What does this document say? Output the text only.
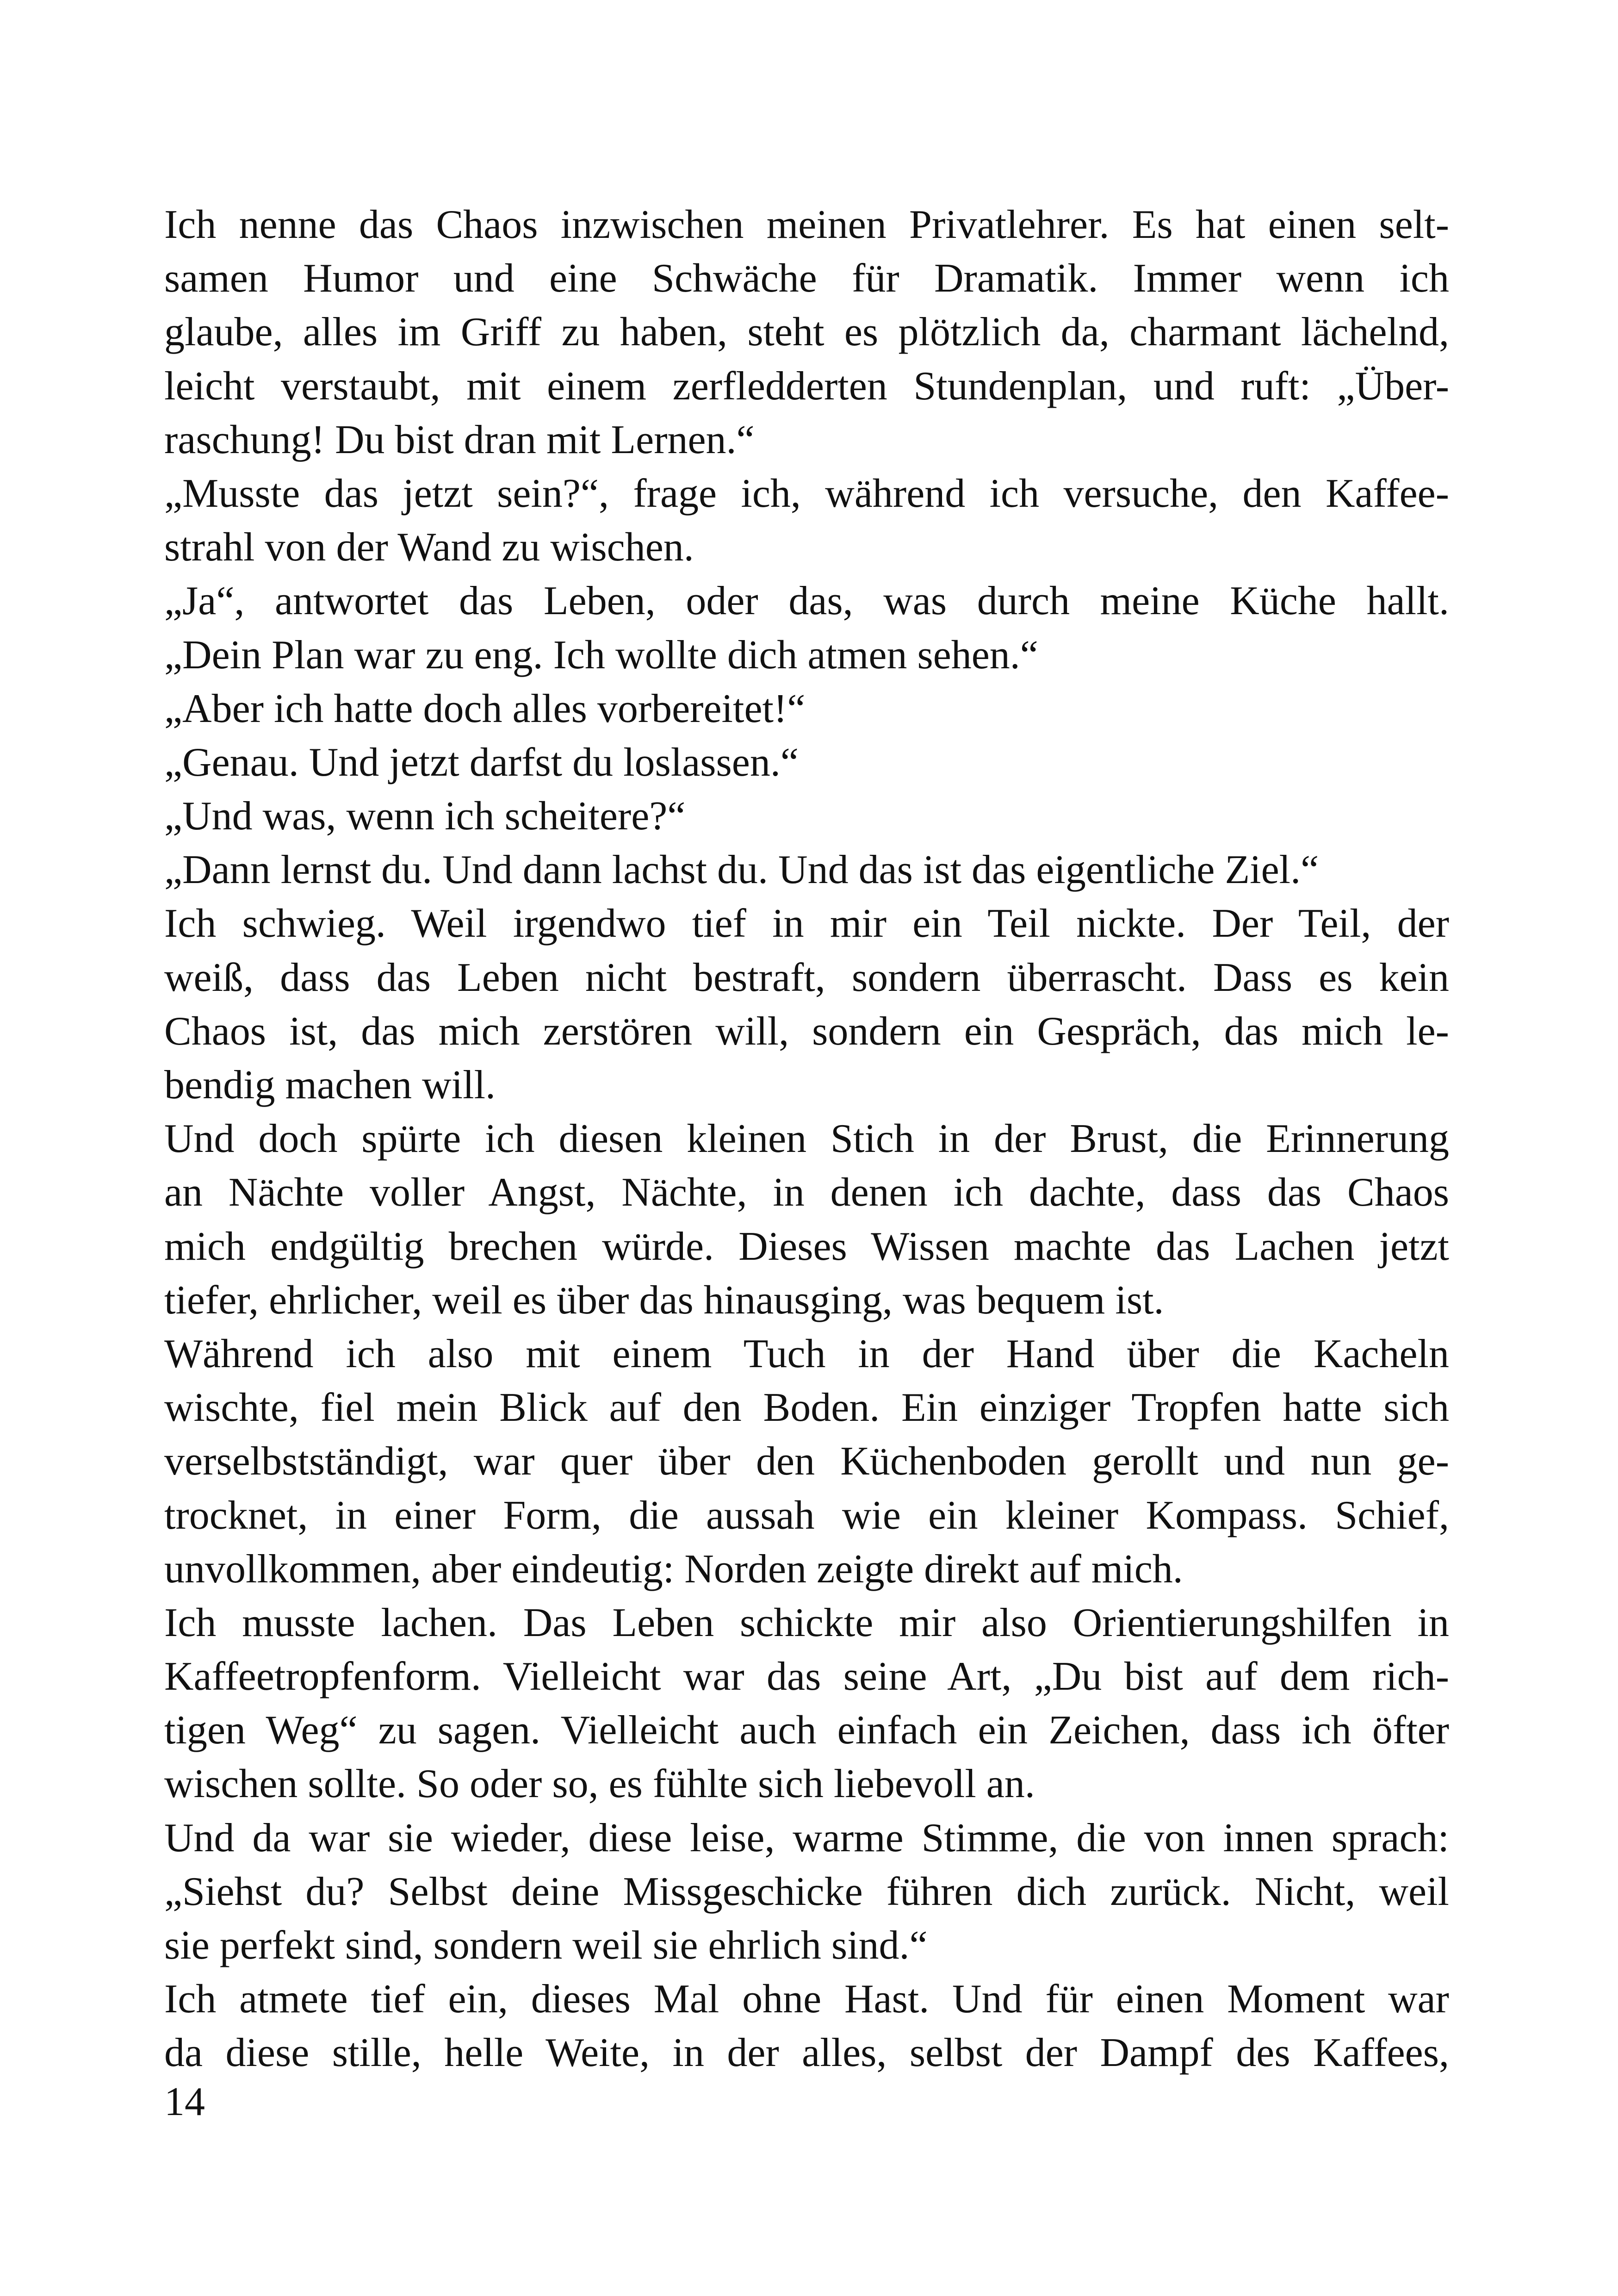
Ich nenne das Chaos inzwischen meinen Privatlehrer. Es hat einen selt-
samen Humor und eine Schwäche für Dramatik. Immer wenn ich
glaube, alles im Griff zu haben, steht es plötzlich da, charmant lächelnd,
leicht verstaubt, mit einem zerfledderten Stundenplan, und ruft: „Über-
raschung! Du bist dran mit Lernen.“
„Musste das jetzt sein?“, frage ich, während ich versuche, den Kaffee-
strahl von der Wand zu wischen.
„Ja“, antwortet das Leben, oder das, was durch meine Küche hallt.
„Dein Plan war zu eng. Ich wollte dich atmen sehen.“
„Aber ich hatte doch alles vorbereitet!“
„Genau. Und jetzt darfst du loslassen.“
„Und was, wenn ich scheitere?“
„Dann lernst du. Und dann lachst du. Und das ist das eigentliche Ziel.“
Ich schwieg. Weil irgendwo tief in mir ein Teil nickte. Der Teil, der
weiß, dass das Leben nicht bestraft, sondern überrascht. Dass es kein
Chaos ist, das mich zerstören will, sondern ein Gespräch, das mich le-
bendig machen will.
Und doch spürte ich diesen kleinen Stich in der Brust, die Erinnerung
an Nächte voller Angst, Nächte, in denen ich dachte, dass das Chaos
mich endgültig brechen würde. Dieses Wissen machte das Lachen jetzt
tiefer, ehrlicher, weil es über das hinausging, was bequem ist.
Während ich also mit einem Tuch in der Hand über die Kacheln
wischte, fiel mein Blick auf den Boden. Ein einziger Tropfen hatte sich
verselbstständigt, war quer über den Küchenboden gerollt und nun ge-
trocknet, in einer Form, die aussah wie ein kleiner Kompass. Schief,
unvollkommen, aber eindeutig: Norden zeigte direkt auf mich.
Ich musste lachen. Das Leben schickte mir also Orientierungshilfen in
Kaffeetropfenform. Vielleicht war das seine Art, „Du bist auf dem rich-
tigen Weg“ zu sagen. Vielleicht auch einfach ein Zeichen, dass ich öfter
wischen sollte. So oder so, es fühlte sich liebevoll an.
Und da war sie wieder, diese leise, warme Stimme, die von innen sprach:
„Siehst du? Selbst deine Missgeschicke führen dich zurück. Nicht, weil
sie perfekt sind, sondern weil sie ehrlich sind.“
Ich atmete tief ein, dieses Mal ohne Hast. Und für einen Moment war
da diese stille, helle Weite, in der alles, selbst der Dampf des Kaffees,
14
